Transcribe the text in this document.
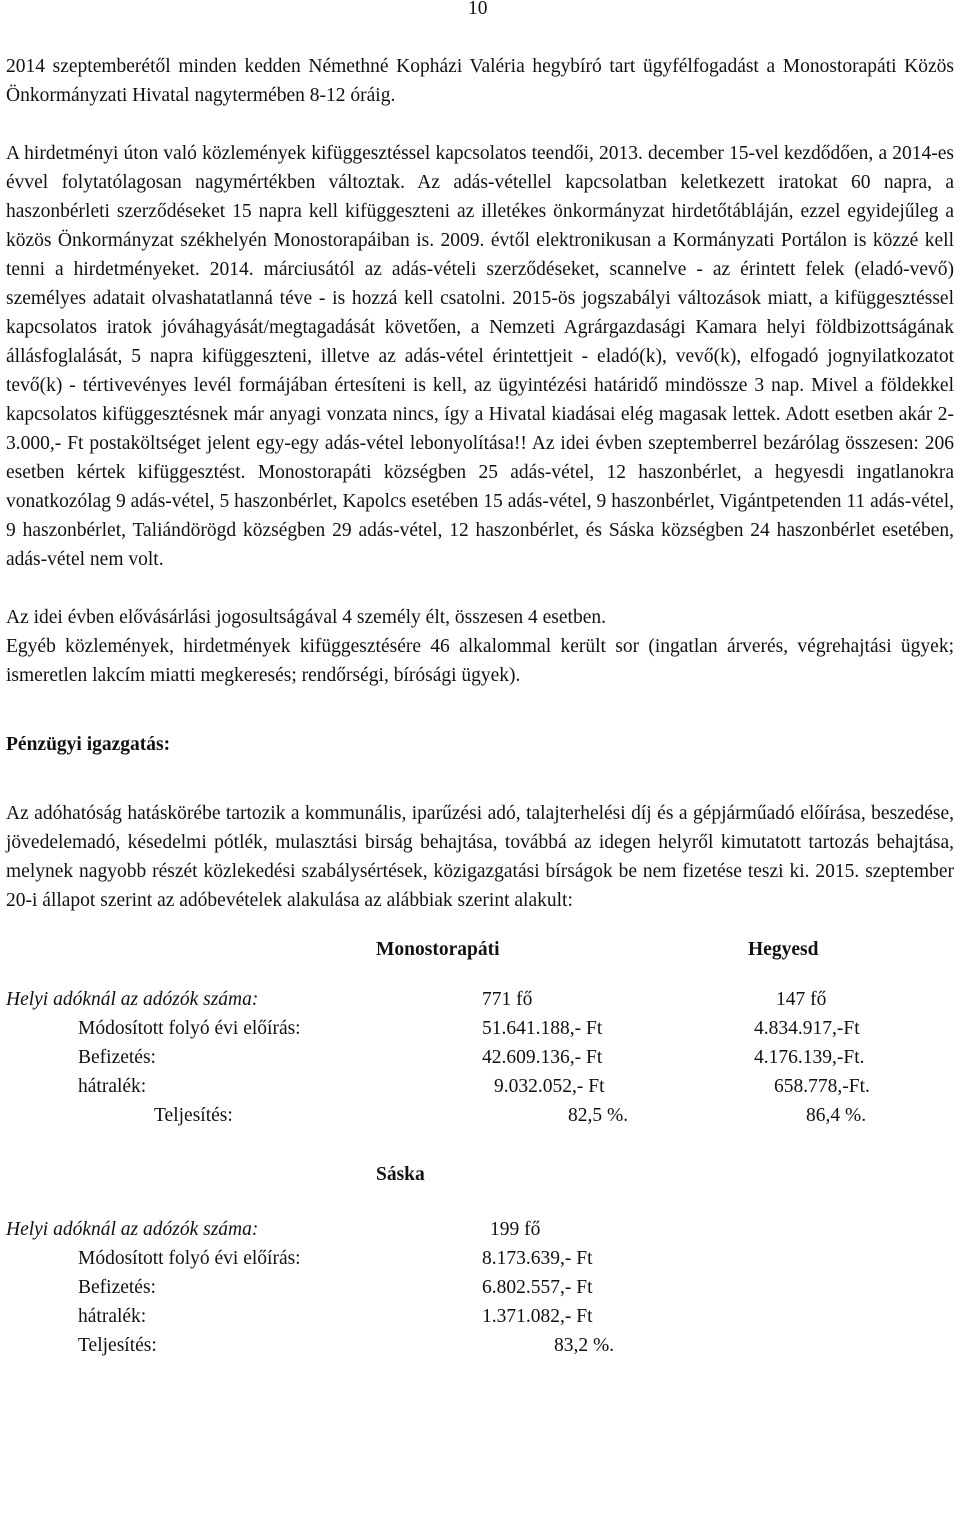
10

2014 szeptemberétől minden kedden Némethné Kopházi Valéria hegybíró tart ügyfélfogadást a Monostorapáti Közös Önkormányzati Hivatal nagytermében 8-12 óráig.

A hirdetményi úton való közlemények kifüggesztéssel kapcsolatos teendői, 2013. december 15-vel kezdődően, a 2014-es évvel folytatólagosan nagymértékben változtak. Az adás-vétellel kapcsolatban keletkezett iratokat 60 napra, a haszonbérleti szerződéseket 15 napra kell kifüggeszteni az illetékes önkormányzat hirdetőtábláján, ezzel egyidejűleg a közös Önkormányzat székhelyén Monostorapáiban is. 2009. évtől elektronikusan a Kormányzati Portálon is közzé kell tenni a hirdetményeket. 2014. márciusától az adás-vételi szerződéseket, scannelve - az érintett felek (eladó-vevő) személyes adatait olvashatatlanná téve - is hozzá kell csatolni. 2015-ös jogszabályi változások miatt, a kifüggesztéssel kapcsolatos iratok jóváhagyását/megtagadását követően, a Nemzeti Agrárgazdasági Kamara helyi földbizottságának állásfoglalását, 5 napra kifüggeszteni, illetve az adás-vétel érintettjeit - eladó(k), vevő(k), elfogadó jognyilatkozatot tevő(k) - tértivevényes levél formájában értesíteni is kell, az ügyintézési határidő mindössze 3 nap. Mivel a földekkel kapcsolatos kifüggesztésnek már anyagi vonzata nincs, így a Hivatal kiadásai elég magasak lettek. Adott esetben akár 2-3.000,- Ft postaköltséget jelent egy-egy adás-vétel lebonyolítása!! Az idei évben szeptemberrel bezárólag összesen: 206 esetben kértek kifüggesztést. Monostorapáti községben 25 adás-vétel, 12 haszonbérlet, a hegyesdi ingatlanokra vonatkozólag 9 adás-vétel, 5 haszonbérlet, Kapolcs esetében 15 adás-vétel, 9 haszonbérlet, Vigántpetenden 11 adás-vétel, 9 haszonbérlet, Taliándörögd községben 29 adás-vétel, 12 haszonbérlet, és Sáska községben 24 haszonbérlet esetében, adás-vétel nem volt.

Az idei évben elővásárlási jogosultságával 4 személy élt, összesen 4 esetben.

Egyéb közlemények, hirdetmények kifüggesztésére 46 alkalommal került sor (ingatlan árverés, végrehajtási ügyek; ismeretlen lakcím miatti megkeresés; rendőrségi, bírósági ügyek).

Pénzügyi igazgatás:

Az adóhatóság hatáskörébe tartozik a kommunális, iparűzési adó, talajterhelési díj és a gépjárműadó előírása, beszedése, jövedelemadó, késedelmi pótlék, mulasztási birság behajtása, továbbá az idegen helyről kimutatott tartozás behajtása, melynek nagyobb részét közlekedési szabálysértések, közigazgatási bírságok be nem fizetése teszi ki. 2015. szeptember 20-i állapot szerint az adóbevételek alakulása az alábbiak szerint alakult:

Monostorapáti	Hegyesd
Helyi adóknál az adózók száma:	771 fő	147 fő
Módosított folyó évi előírás:	51.641.188,- Ft	4.834.917,-Ft
Befizetés:	42.609.136,- Ft	4.176.139,-Ft.
hátralék:	9.032.052,- Ft	658.778,-Ft.
Teljesítés:	82,5 %.	86,4 %.
Sáska
Helyi adóknál az adózók száma:	199 fő
Módosított folyó évi előírás:	8.173.639,- Ft
Befizetés:	6.802.557,- Ft
hátralék:	1.371.082,- Ft
Teljesítés:	83,2 %.
